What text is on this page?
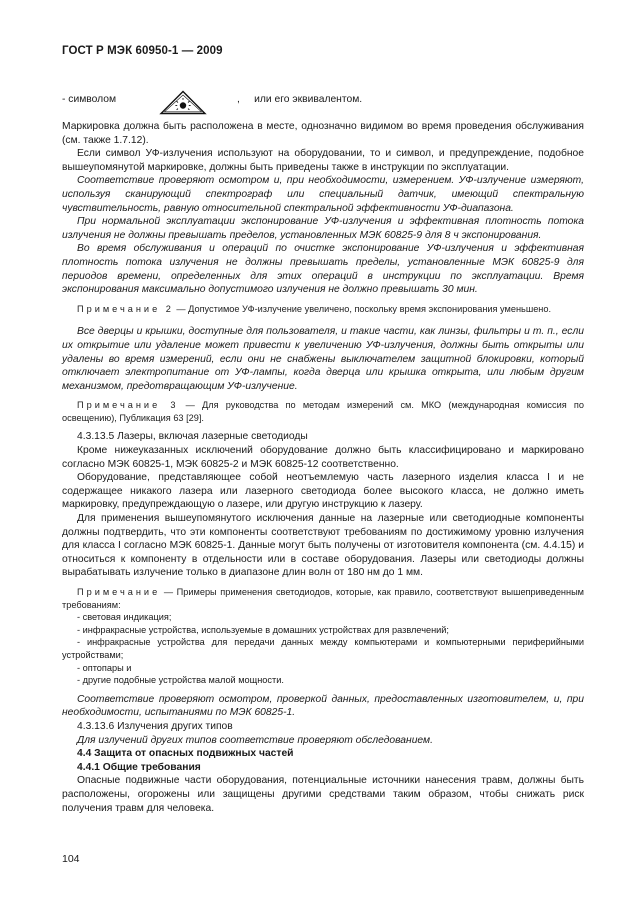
ГОСТ Р МЭК 60950-1 — 2009
- символом	,     или его эквивалентом.

Маркировка должна быть расположена в месте, однозначно видимом во время проведения обслуживания (см. также 1.7.12).

Если символ УФ-излучения используют на оборудовании, то и символ, и предупреждение, подобное вышеупомянутой маркировке, должны быть приведены также в инструкции по эксплуатации.

Соответствие проверяют осмотром и, при необходимости, измерением. УФ-излучение измеряют, используя сканирующий спектрограф или специальный датчик, имеющий спектральную чувствительность, равную относительной спектральной эффективности УФ-диапазона.

При нормальной эксплуатации экспонирование УФ-излучения и эффективная плотность потока излучения не должны превышать пределов, установленных МЭК 60825-9 для 8 ч экспонирования.

Во время обслуживания и операций по очистке экспонирование УФ-излучения и эффективная плотность потока излучения не должны превышать пределы, установленные МЭК 60825-9 для периодов времени, определенных для этих операций в инструкции по эксплуатации. Время экспонирования максимально допустимого излучения не должно превышать 30 мин.

Примечание 2 — Допустимое УФ-излучение увеличено, поскольку время экспонирования уменьшено.

Все дверцы и крышки, доступные для пользователя, и такие части, как линзы, фильтры и т. п., если их открытие или удаление может привести к увеличению УФ-излучения, должны быть открыты или удалены во время измерений, если они не снабжены выключателем защитной блокировки, который отключает электропитание от УФ-лампы, когда дверца или крышка открыта, или любым другим механизмом, предотвращающим УФ-излучение.

Примечание 3 — Для руководства по методам измерений см. МКО (международная комиссия по освещению), Публикация 63 [29].

4.3.13.5 Лазеры, включая лазерные светодиоды

Кроме нижеуказанных исключений оборудование должно быть классифицировано и маркировано согласно МЭК 60825-1, МЭК 60825-2 и МЭК 60825-12 соответственно.

Оборудование, представляющее собой неотъемлемую часть лазерного изделия класса I и не содержащее никакого лазера или лазерного светодиода более высокого класса, не должно иметь маркировку, предупреждающую о лазере, или другую инструкцию к лазеру.

Для применения вышеупомянутого исключения данные на лазерные или светодиодные компоненты должны подтвердить, что эти компоненты соответствуют требованиям по достижимому уровню излучения для класса I согласно МЭК 60825-1. Данные могут быть получены от изготовителя компонента (см. 4.4.15) и относиться к компоненту в отдельности или в составе оборудования. Лазеры или светодиоды должны вырабатывать излучение только в диапазоне длин волн от 180 нм до 1 мм.

Примечание — Примеры применения светодиодов, которые, как правило, соответствуют вышеприведенным требованиям:

- световая индикация;

- инфракрасные устройства, используемые в домашних устройствах для развлечений;

- инфракрасные устройства для передачи данных между компьютерами и компьютерными периферийными устройствами;

- оптопары и

- другие подобные устройства малой мощности.

Соответствие проверяют осмотром, проверкой данных, предоставленных изготовителем, и, при необходимости, испытаниями по МЭК 60825-1.

4.3.13.6 Излучения других типов

Для излучений других типов соответствие проверяют обследованием.

4.4 Защита от опасных подвижных частей

4.4.1 Общие требования

Опасные подвижные части оборудования, потенциальные источники нанесения травм, должны быть расположены, огорожены или защищены другими средствами таким образом, чтобы снижать риск получения травм для человека.

104
